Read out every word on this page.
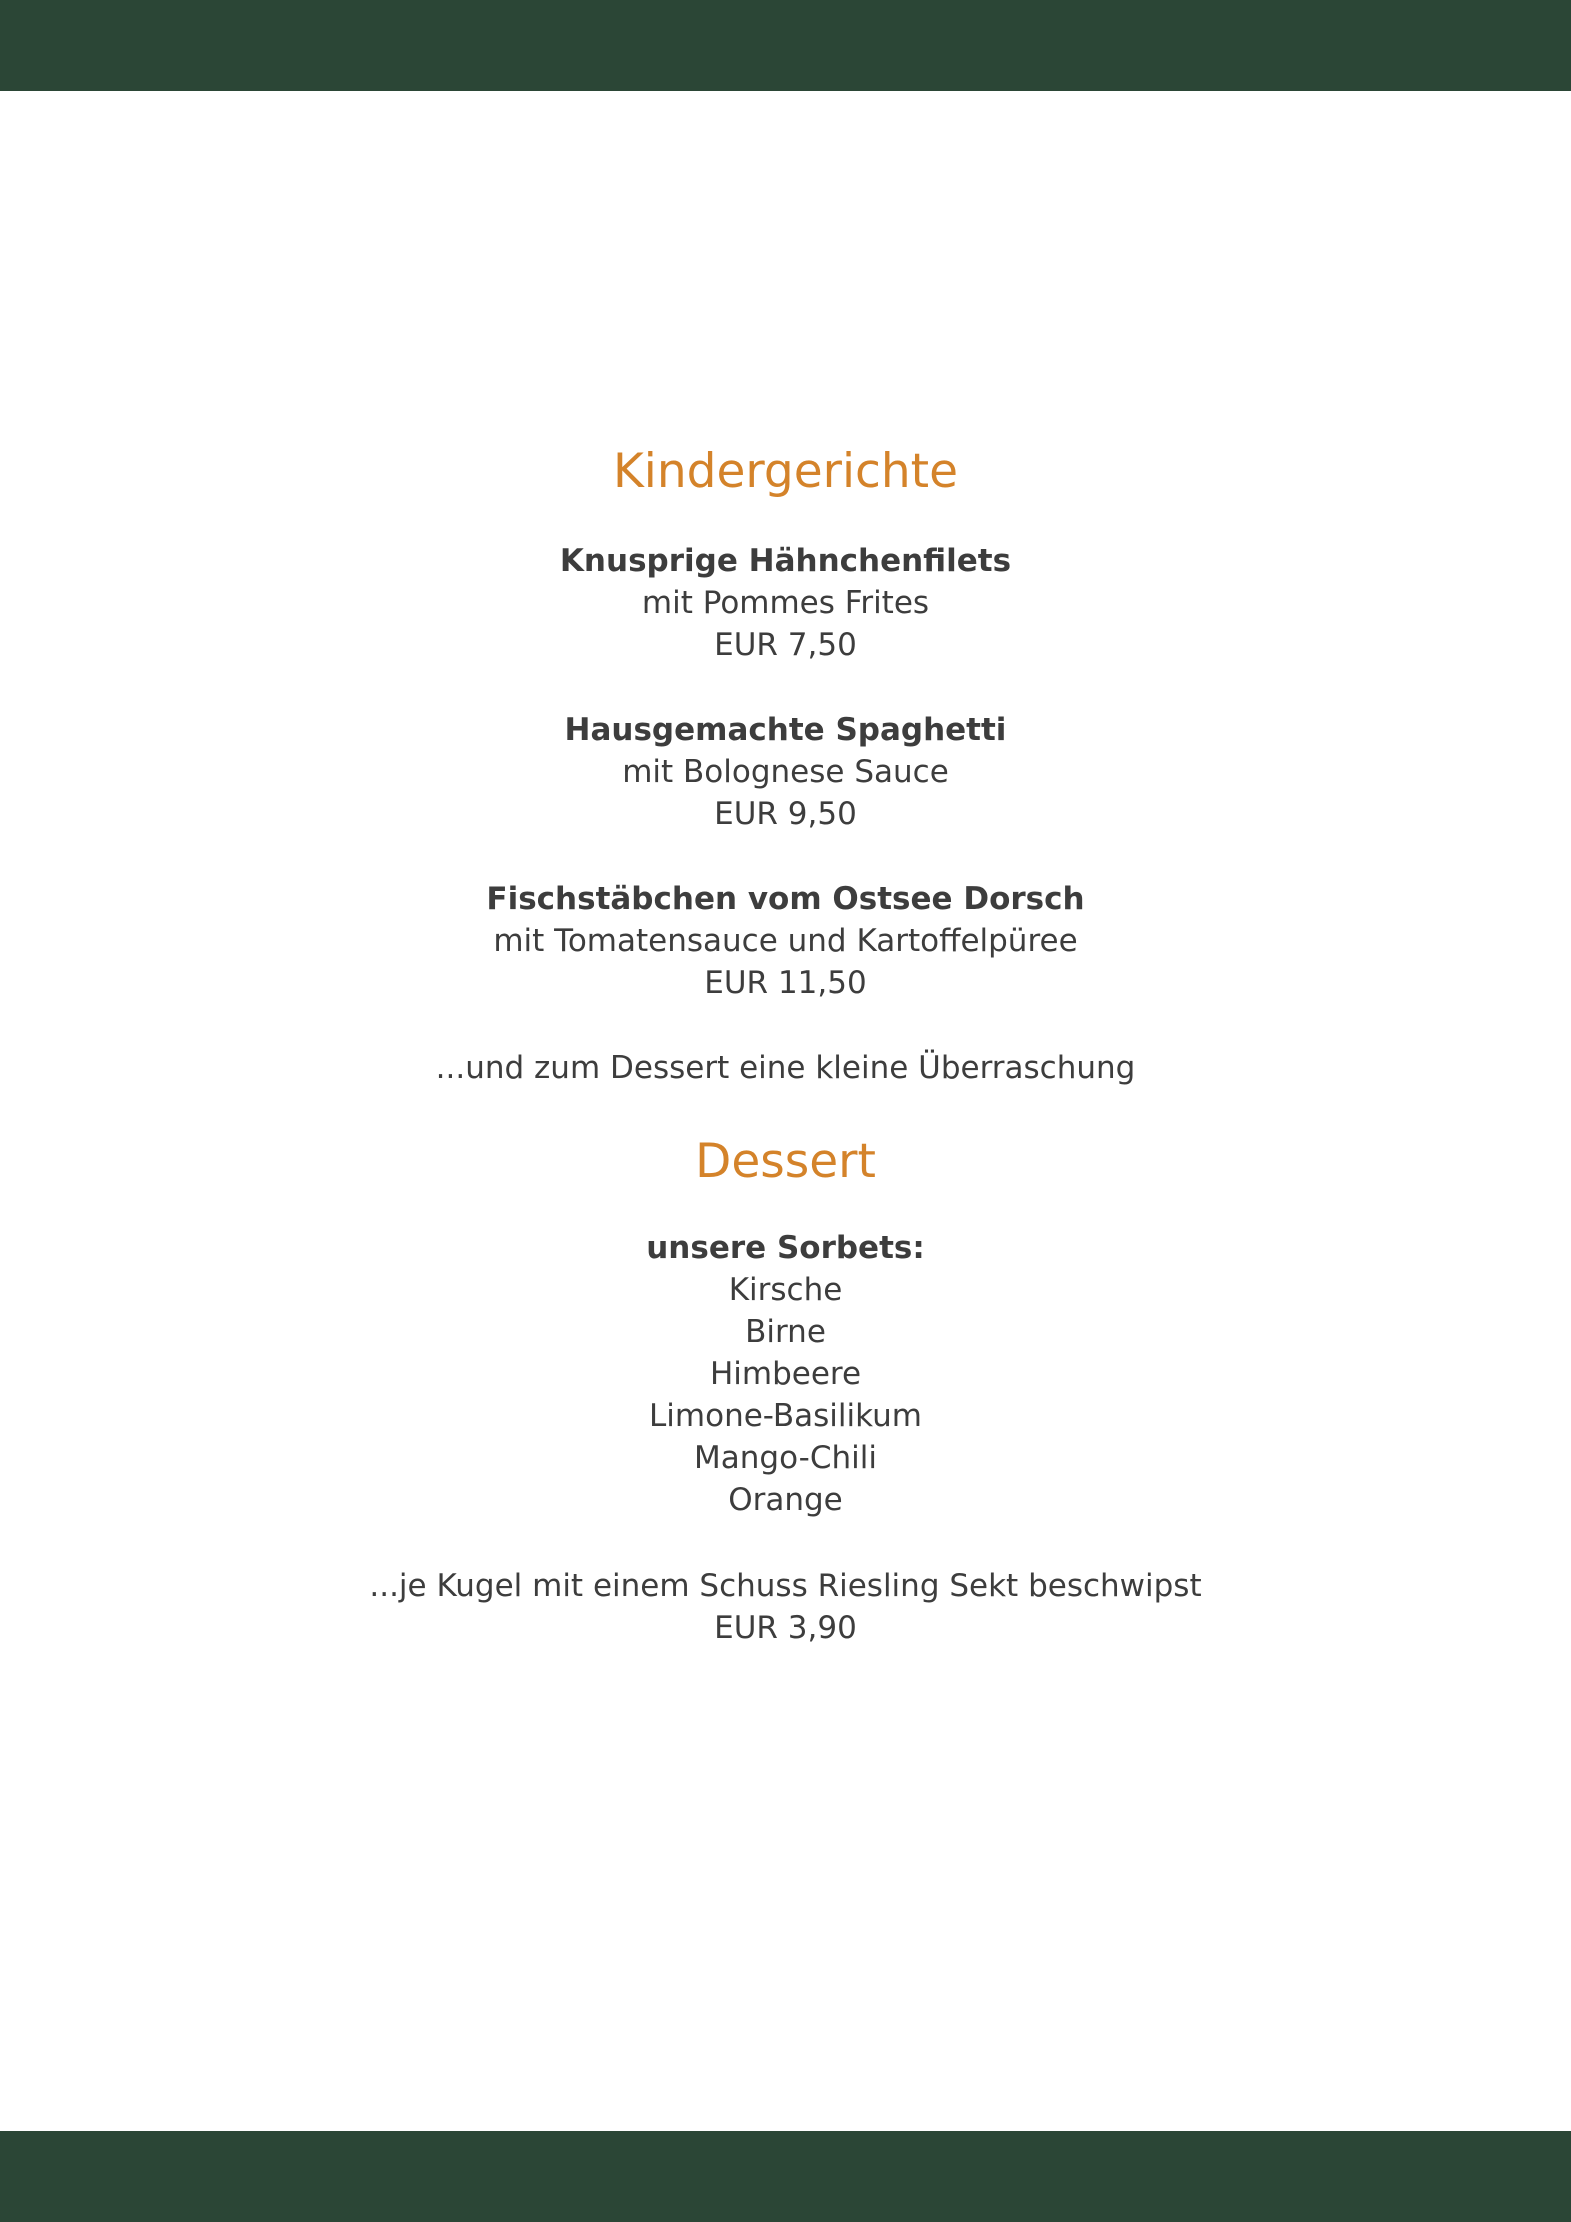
Kindergerichte
Knusprige Hähnchenfilets
mit Pommes Frites
EUR 7,50
Hausgemachte Spaghetti
mit Bolognese Sauce
EUR 9,50
Fischstäbchen vom Ostsee Dorsch
mit Tomatensauce und Kartoffelpüree
EUR 11,50
...und zum Dessert eine kleine Überraschung
Dessert
unsere Sorbets:
Kirsche
Birne
Himbeere
Limone-Basilikum
Mango-Chili
Orange
...je Kugel mit einem Schuss Riesling Sekt beschwipst
EUR 3,90
